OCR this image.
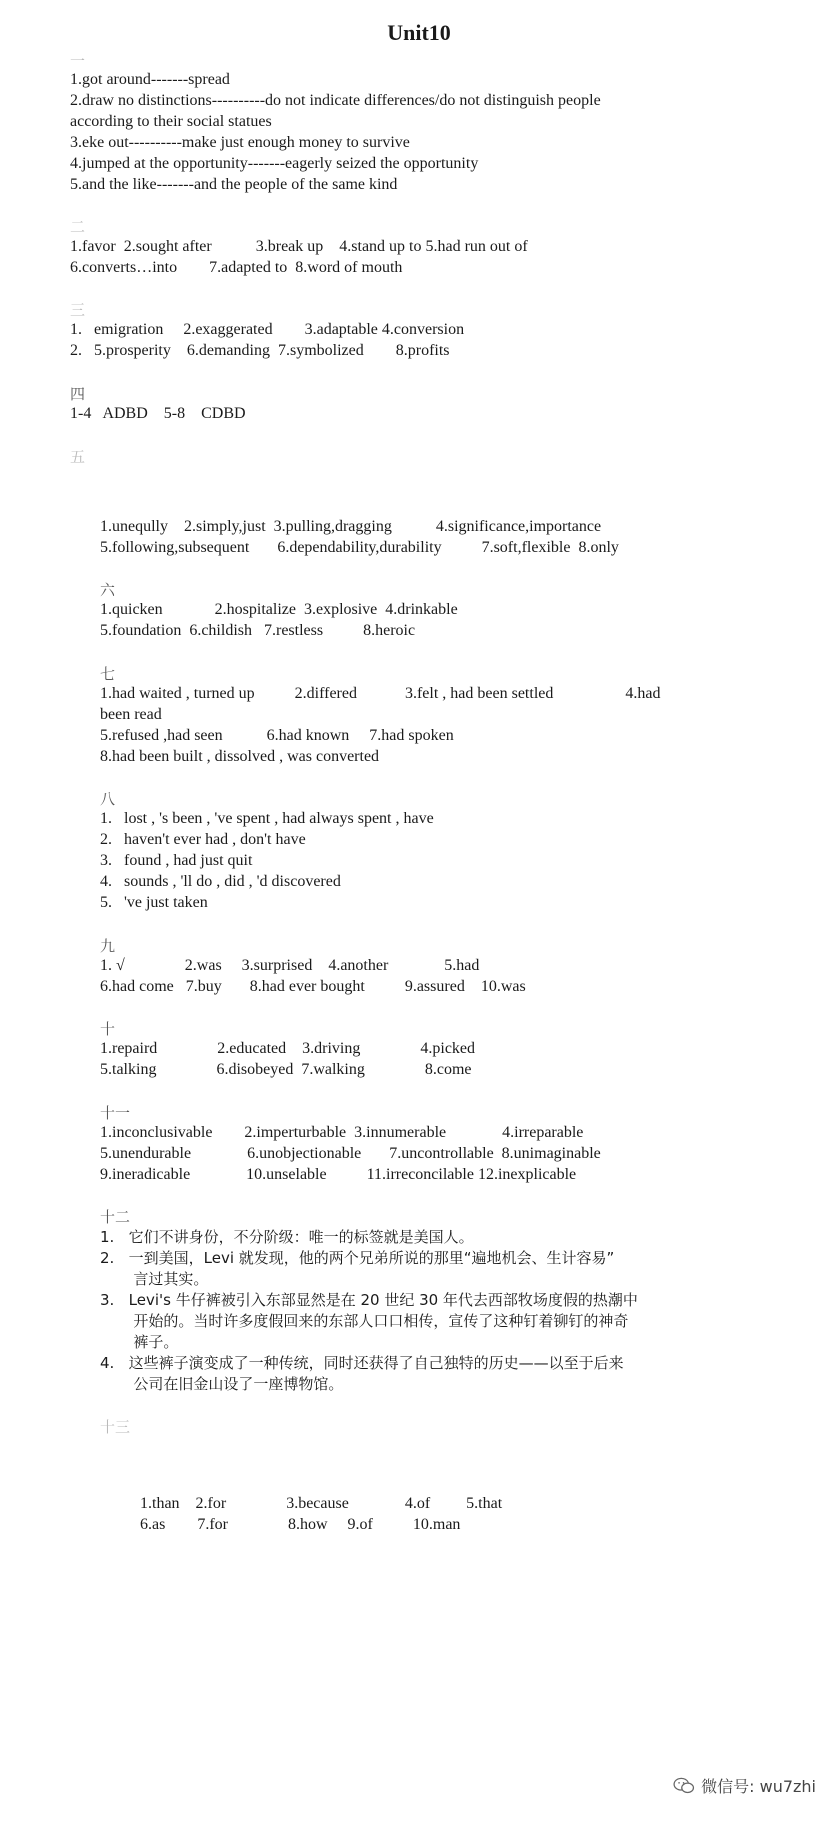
Unit10
一
1.got around-------spread
2.draw no distinctions----------do not indicate differences/do not distinguish people
according to their social statues
3.eke out----------make just enough money to survive
4.jumped at the opportunity-------eagerly seized the opportunity
5.and the like-------and the people of the same kind
二
1.favor  2.sought after           3.break up    4.stand up to 5.had run out of
6.converts…into        7.adapted to  8.word of mouth
三
1.   emigration     2.exaggerated        3.adaptable 4.conversion
2.   5.prosperity    6.demanding  7.symbolized        8.profits
四
1-4   ADBD    5-8    CDBD
五
1.uneqully    2.simply,just  3.pulling,dragging           4.significance,importance
5.following,subsequent       6.dependability,durability          7.soft,flexible  8.only
六
1.quicken             2.hospitalize  3.explosive  4.drinkable
5.foundation  6.childish   7.restless          8.heroic
七
1.had waited , turned up          2.differed            3.felt , had been settled                  4.had
been read
5.refused ,had seen           6.had known     7.had spoken
8.had been built , dissolved , was converted
八
1.   lost , 's been , 've spent , had always spent , have
2.   haven't ever had , don't have
3.   found , had just quit
4.   sounds , 'll do , did , 'd discovered
5.   've just taken
九
1. √               2.was     3.surprised    4.another              5.had
6.had come   7.buy       8.had ever bought          9.assured    10.was
十
1.repaird               2.educated    3.driving               4.picked
5.talking               6.disobeyed  7.walking               8.come
十一
1.inconclusivable        2.imperturbable  3.innumerable              4.irreparable
5.unendurable              6.unobjectionable       7.uncontrollable  8.unimaginable
9.ineradicable              10.unselable          11.irreconcilable 12.inexplicable
十二
1.   它们不讲身份，不分阶级：唯一的标签就是美国人。
2.   一到美国，Levi 就发现，他的两个兄弟所说的那里“遍地机会、生计容易”
言过其实。
3.   Levi's 牛仔裤被引入东部显然是在 20 世纪 30 年代去西部牧场度假的热潮中
开始的。当时许多度假回来的东部人口口相传，宣传了这种钉着铆钉的神奇
裤子。
4.   这些裤子演变成了一种传统，同时还获得了自己独特的历史——以至于后来
公司在旧金山设了一座博物馆。
十三
1.than    2.for               3.because              4.of         5.that
6.as        7.for               8.how     9.of          10.man
微信号: wu7zhi
